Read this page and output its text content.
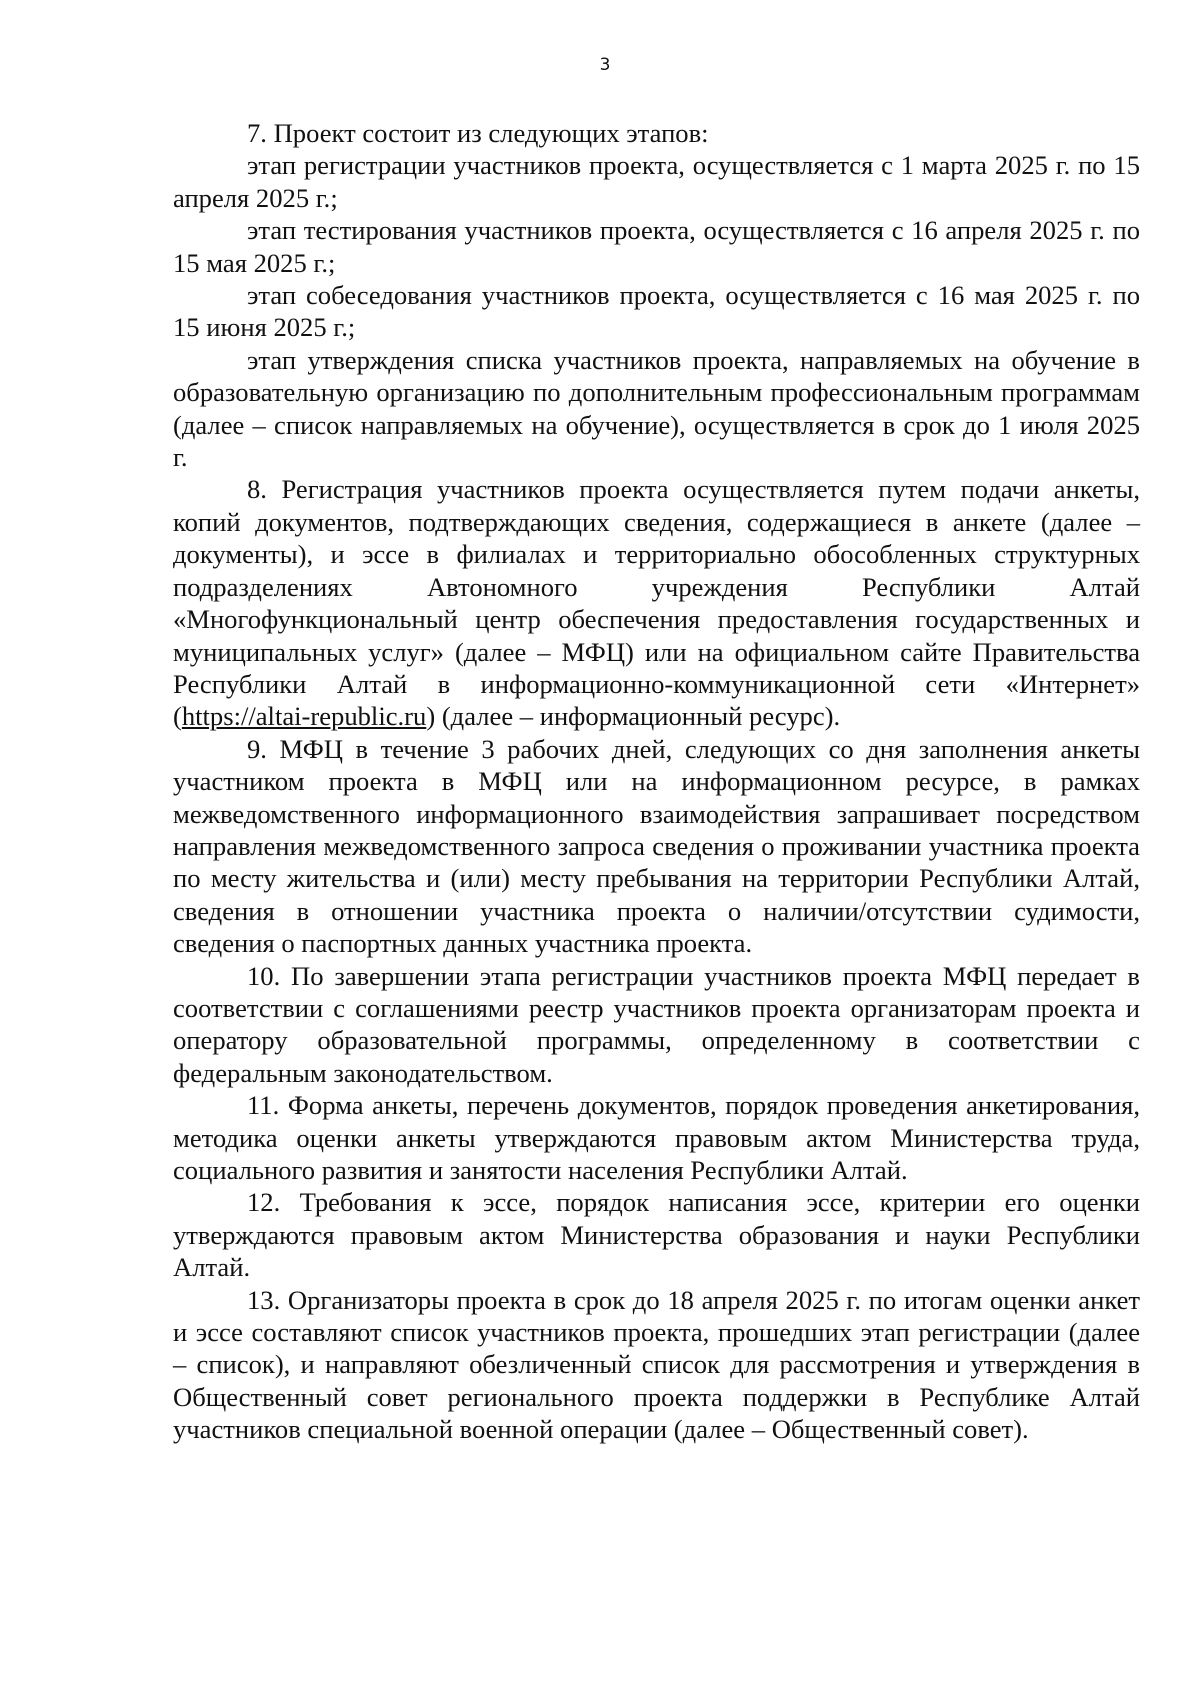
3

7. Проект состоит из следующих этапов:

этап регистрации участников проекта, осуществляется с 1 марта 2025 г. по 15 апреля 2025 г.;

этап тестирования участников проекта, осуществляется с 16 апреля 2025 г. по 15 мая 2025 г.;

этап собеседования участников проекта, осуществляется с 16 мая 2025 г. по 15 июня 2025 г.;

этап утверждения списка участников проекта, направляемых на обучение в образовательную организацию по дополнительным профессиональным программам (далее – список направляемых на обучение), осуществляется в срок до 1 июля 2025 г.

8. Регистрация участников проекта осуществляется путем подачи анкеты, копий документов, подтверждающих сведения, содержащиеся в анкете (далее – документы), и эссе в филиалах и территориально обособленных структурных подразделениях Автономного учреждения Республики Алтай «Многофункциональный центр обеспечения предоставления государственных и муниципальных услуг» (далее – МФЦ) или на официальном сайте Правительства Республики Алтай в информационно-коммуникационной сети «Интернет» (https://altai-republic.ru) (далее – информационный ресурс).

9. МФЦ в течение 3 рабочих дней, следующих со дня заполнения анкеты участником проекта в МФЦ или на информационном ресурсе, в рамках межведомственного информационного взаимодействия запрашивает посредством направления межведомственного запроса сведения о проживании участника проекта по месту жительства и (или) месту пребывания на территории Республики Алтай, сведения в отношении участника проекта о наличии/отсутствии судимости, сведения о паспортных данных участника проекта.

10. По завершении этапа регистрации участников проекта МФЦ передает в соответствии с соглашениями реестр участников проекта организаторам проекта и оператору образовательной программы, определенному в соответствии с федеральным законодательством.

11. Форма анкеты, перечень документов, порядок проведения анкетирования, методика оценки анкеты утверждаются правовым актом Министерства труда, социального развития и занятости населения Республики Алтай.

12. Требования к эссе, порядок написания эссе, критерии его оценки утверждаются правовым актом Министерства образования и науки Республики Алтай.

13. Организаторы проекта в срок до 18 апреля 2025 г. по итогам оценки анкет и эссе составляют список участников проекта, прошедших этап регистрации (далее – список), и направляют обезличенный список для рассмотрения и утверждения в Общественный совет регионального проекта поддержки в Республике Алтай участников специальной военной операции (далее – Общественный совет).
